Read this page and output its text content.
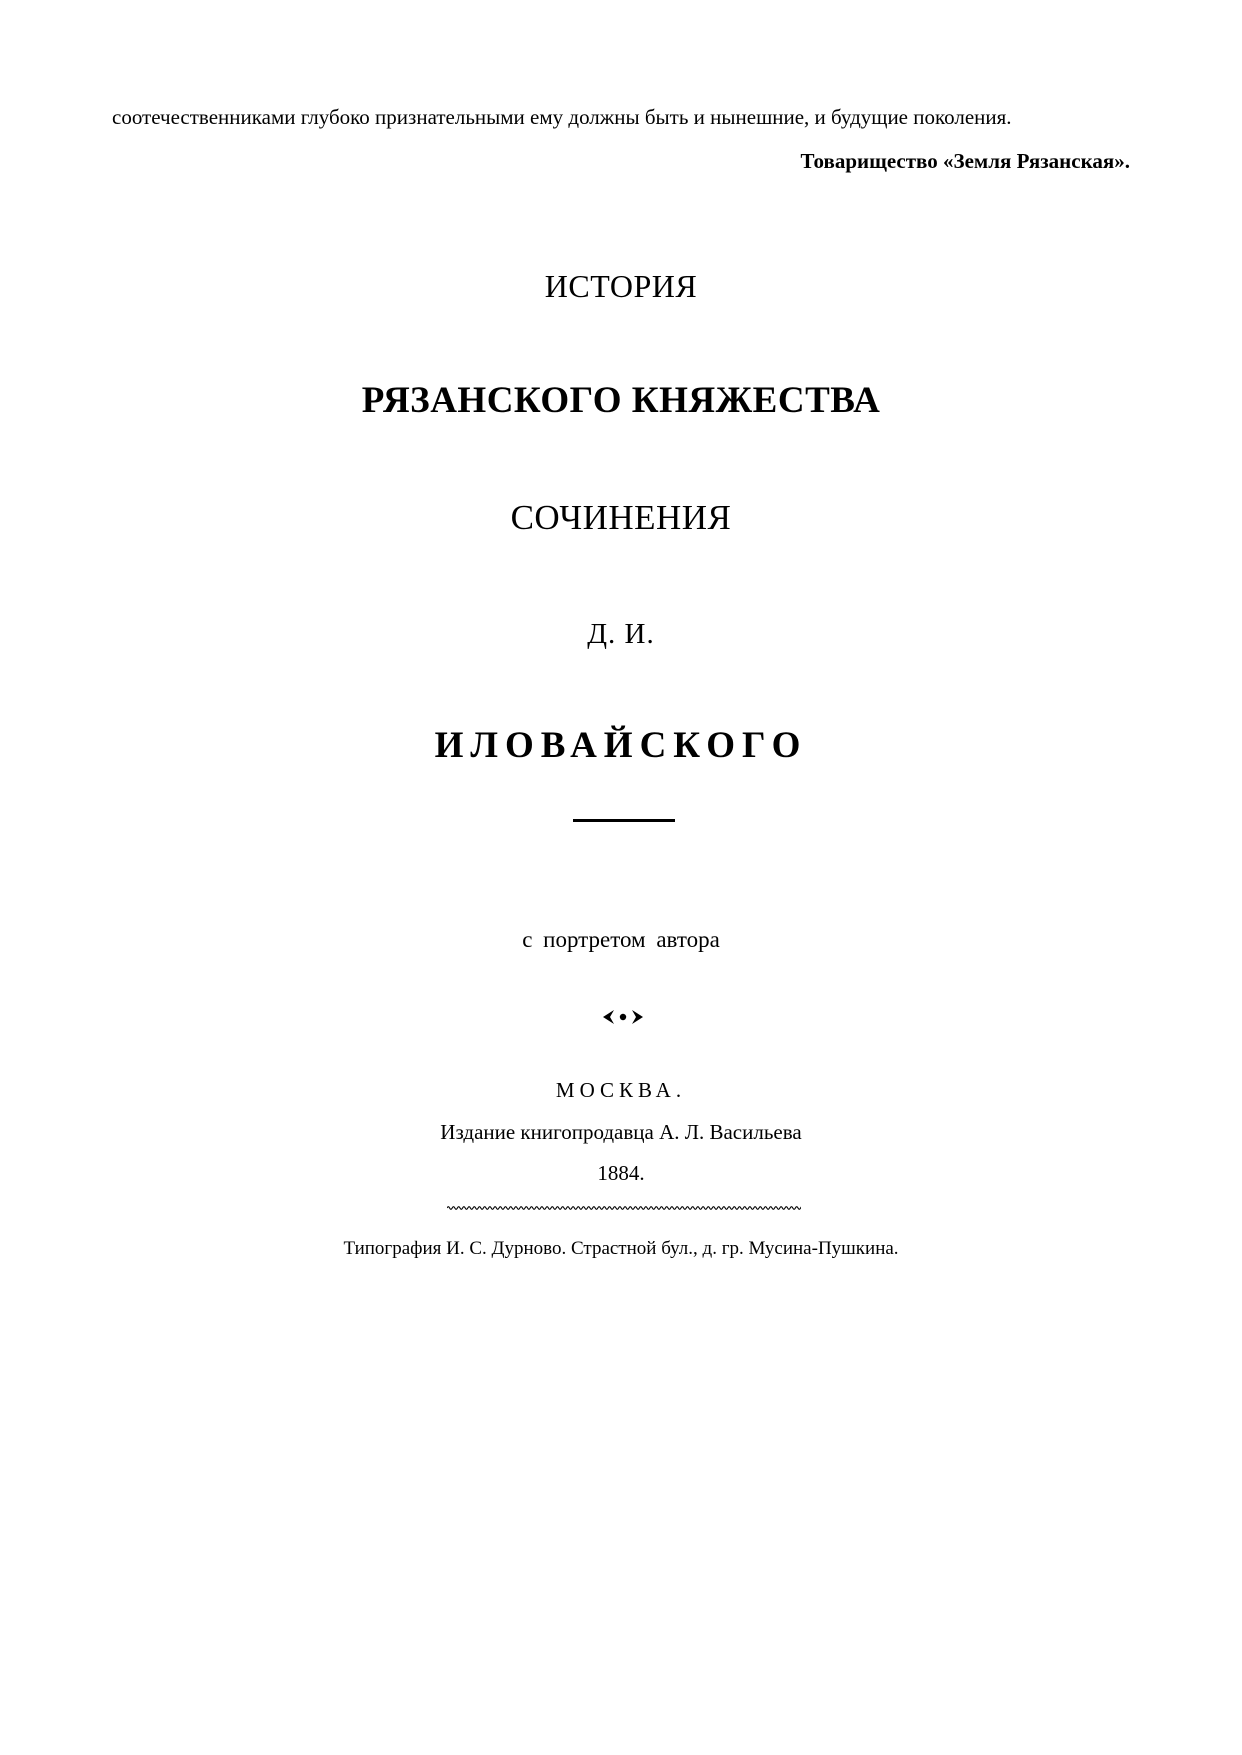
соотечественниками глубоко признательными ему должны быть и нынешние, и будущие поколения.
Товарищество «Земля Рязанская».
ИСТОРИЯ
РЯЗАНСКОГО КНЯЖЕСТВА
СОЧИНЕНИЯ
Д. И.
ИЛОВАЙСКОГО
с портретом автора
МОСКВА.
Издание книгопродавца А. Л. Васильева
1884.
Типография И. С. Дурново. Страстной бул., д. гр. Мусина-Пушкина.
